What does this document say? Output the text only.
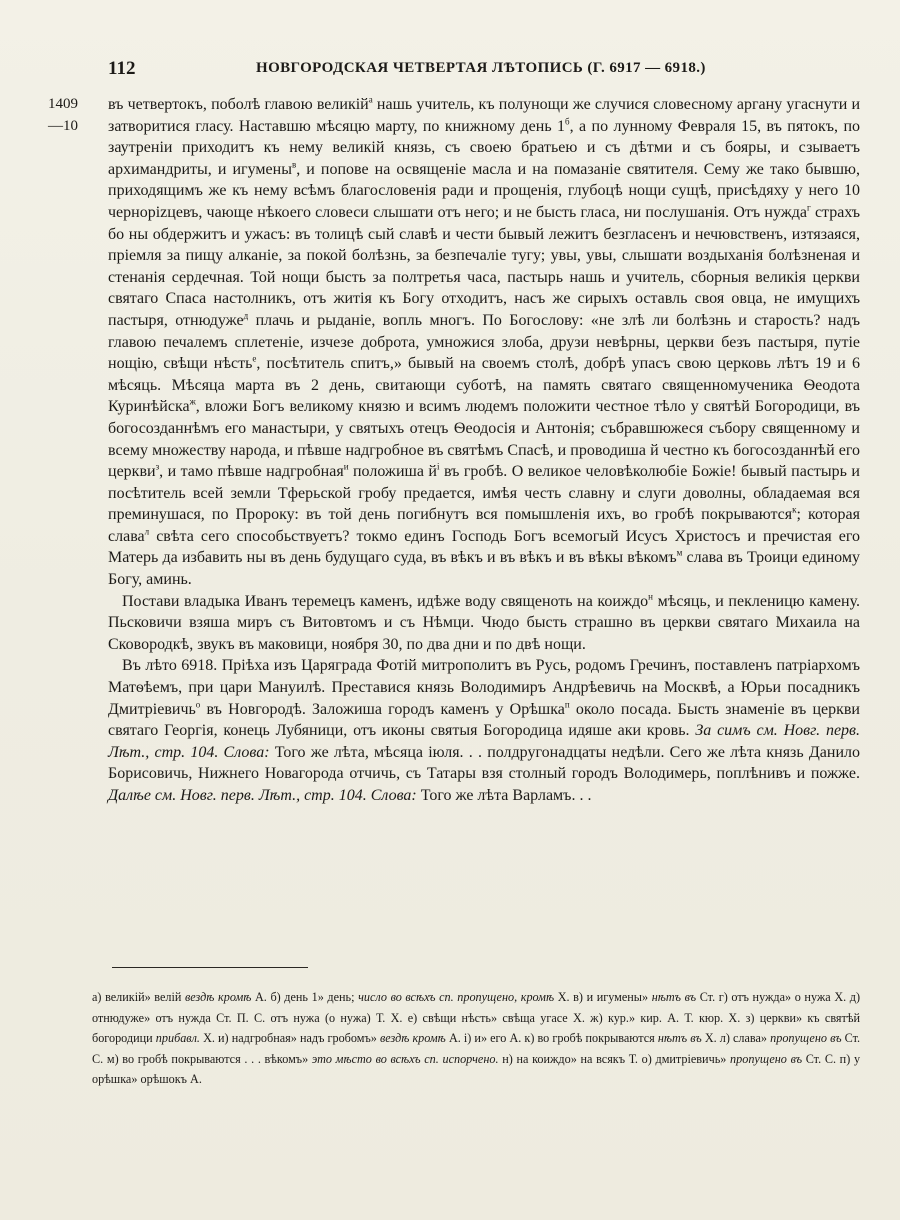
112	НОВГОРОДСКАЯ ЧЕТВЕРТАЯ ЛѢТОПИСЬ (Г. 6917 — 6918.)
1409 —10

въ четвертокъ, поболѣ главою великій$^а$ нашь учитель, къ полунощи же случися словесному аргану угаснути и затворитися гласу. Наставшю мѣсяцю марту, по книжному день $1^б$, а по лунному Февраля 15, въ пятокъ, по заутреніи приходитъ къ нему великій князь, съ своею братьею и съ дѣтми и съ бояры, и сзываетъ архимандриты, и игумены$^в$, и попове на освященіе масла и на помазаніе святителя. Сему же тако бывшю, приходящимъ же къ нему всѣмъ благословенія ради и прощенія, глубоцѣ нощи сущѣ, присѣдяху у него 10 чернорizцевъ, чающе нѣкоего словеси слышати отъ него; и не бысть гласа, ни послушанія. Отъ нужда$^г$ страхъ бо ны обдержитъ и ужасъ: въ толицѣ сый славѣ и чести бывый лежитъ безгласенъ и нечювственъ, изтязаяся, пріемля за пищу алканіе, за покой болѣзнь, за безпечаліе тугу; увы, увы, слышати воздыханія болѣзненая и стенанія сердечная. Той нощи бысть за полтретья часа, пастырь нашь и учитель, сборныя великія церкви святаго Спаса настолникъ, отъ житія къ Богу отходитъ, насъ же сирыхъ оставль своя овца, не имущихъ пастыря, отнюдуже$^д$ плачь и рыданіе, вопль многъ. По Богослову: «не злѣ ли болѣзнь и старость? надъ главою печалемъ сплетеніе, изчезе доброта, умножися злоба, друзи невѣрны, церкви безъ пастыря, путіе нощію, свѣщи нѣсть$^е$, посѣтитель спитъ,» бывый на своемъ столѣ, добрѣ упасъ свою церковь лѣтъ 19 и 6 мѣсяць. Мѣсяца марта въ 2 день, свитающи суботѣ, на память святаго священномученика Ѳеодота Куринѣйска$^ж$, вложи Богъ великому князю и всимъ людемъ положити честное тѣло у святѣй Богородици, въ богосозданнѣмъ его манастыри, у святыхъ отецъ Ѳеодосія и Антонія; събравшюжеся събору священному и всему множеству народа, и пѣвше надгробное въ святѣмъ Спасѣ, и проводиша й честно къ богосозданнѣй его церкви$^з$, и тамо пѣвше надгробная$^и$ положиша $й^і$ въ гробѣ. О великое человѣколюбіе Божіе! бывый пастырь и посѣтитель всей земли Тферьской гробу предается, имѣя честь славну и слуги доволны, обладаемая вся преминушася, по Пророку: въ той день погибнутъ вся помышленія ихъ, во гробѣ покрываются$^к$; которая слава$^л$ свѣта сего способьствуетъ? токмо единъ Господь Богъ всемогый Исусъ Христосъ и пречистая его Матерь да избавить ны въ день будущаго суда, въ вѣкъ и въ вѣкъ и въ вѣкы вѣкомъ$^м$ слава въ Троици единому Богу, аминь.

Постави владыка Иванъ теремецъ каменъ, идѣже воду священоть на коиждо$^н$ мѣсяць, и пекленицю камену. Пьсковичи взяша миръ съ Витовтомъ и съ Нѣмци. Чюдо бысть страшно въ церкви святаго Михаила на Сковородкѣ, звукъ въ маковици, ноября 30, по два дни и по двѣ нощи.

Въ лѣто 6918. Пріѣха изъ Царяграда Фотій митрополитъ въ Русь, родомъ Гречинъ, поставленъ патріархомъ Матѳѣемъ, при цари Мануилѣ. Преставися князь Володимиръ Андрѣевичь на Москвѣ, а Юрьи посадникъ Дмитріевичь$^о$ въ Новгородѣ. Заложиша городъ каменъ у Орѣшка$^п$ около посада. Бысть знаменіе въ церкви святаго Георгія, конець Лубяници, отъ иконы святыя Богородица идяше аки кровь. За симъ см. Новг. перв. Лѣт., стр. 104. Слова: Того же лѣта, мѣсяца іюля. . . полдругонадцаты недѣли. Сего же лѣта князь Данило Борисовичь, Нижнего Новагорода отчичь, съ Татары взя столный городъ Володимерь, поплѣнивъ и пожже. Далѣе см. Новг. перв. Лѣт., стр. 104. Слова: Того же лѣта Варламъ. . .

а) великій» велій вездѣ кромѣ А. б) день 1» день; число во всѣхъ сп. пропущено, кромѣ Х. в) и игумены» нѣтъ въ Ст. г) отъ нужда» о нужа Х. д) отнюдуже» отъ нужда Ст. П. С. отъ нужа (о нужа) Т. Х. е) свѣщи нѣсть» свѣща угасе Х. ж) кур.» кир. А. Т. кюр. Х. з) церкви» къ святѣй богородици прибавл. Х. и) надгробная» надъ гробомъ» вездѣ кромѣ А. і) и» его А. к) во гробѣ покрываются нѣтъ въ Х. л) слава» пропущено въ Ст. С. м) во гробѣ покрываются . . . вѣкомъ» это мѣсто во всѣхъ сп. испорчено. н) на коиждо» на всякъ Т. о) дмитріевичь» пропущено въ Ст. С. п) у орѣшка» орѣшокъ А.
